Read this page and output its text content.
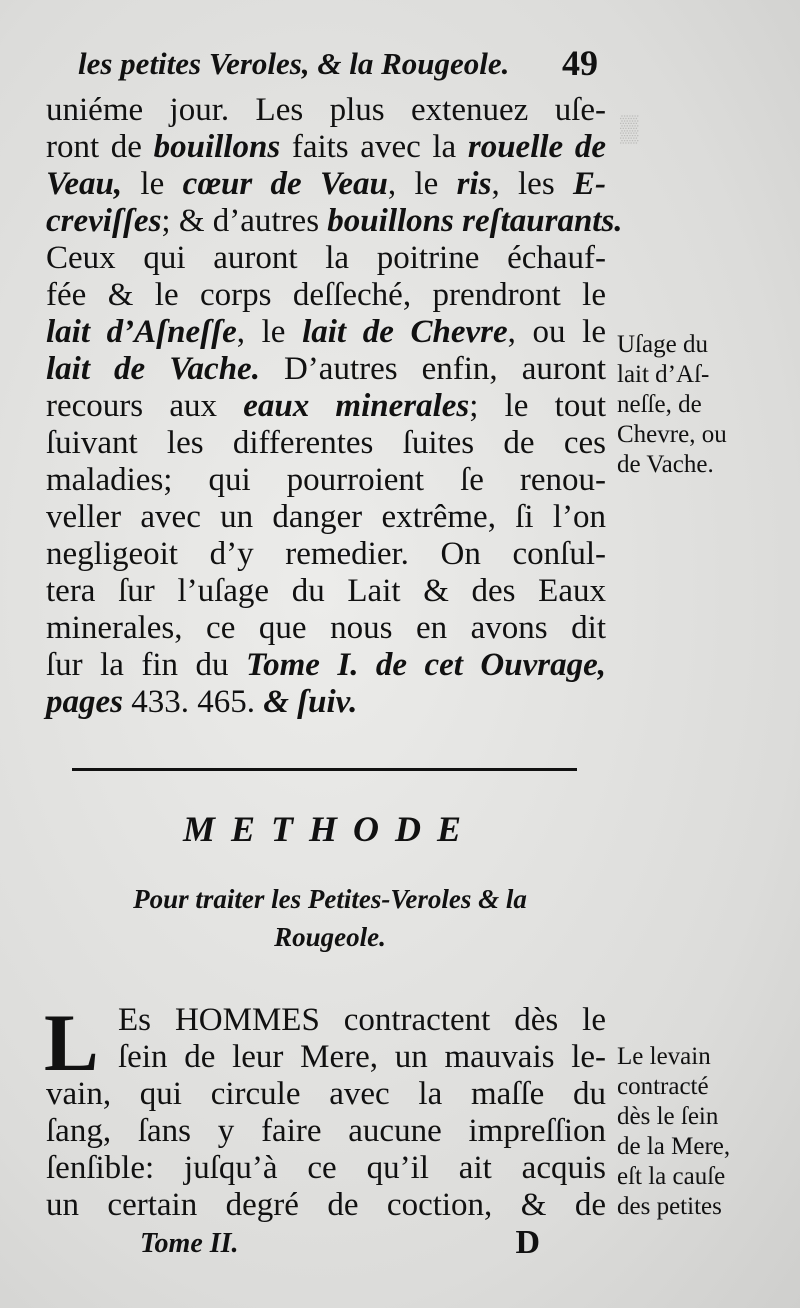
▒
les petites Veroles, & la Rougeole. 49
uniéme jour. Les plus extenuez uſe-
ront de bouillons faits avec la rouelle de
Veau, le cœur de Veau, le ris, les E-
creviſſes; & d’autres bouillons reſtaurants.
Ceux qui auront la poitrine échauf-
fée & le corps deſſeché, prendront le
lait d’Aſneſſe, le lait de Chevre, ou le
lait de Vache. D’autres enfin, auront
recours aux eaux minerales; le tout
ſuivant les differentes ſuites de ces
maladies; qui pourroient ſe renou-
veller avec un danger extrême, ſi l’on
negligeoit d’y remedier. On conſul-
tera ſur l’uſage du Lait & des Eaux
minerales, ce que nous en avons dit
ſur la fin du Tome I. de cet Ouvrage,
pages 433. 465. & ſuiv.
METHODE
Pour traiter les Petites-Veroles & la
Rougeole.
L Es HOMMES contractent dès le
ſein de leur Mere, un mauvais le-
vain, qui circule avec la maſſe du
ſang, ſans y faire aucune impreſſion
ſenſible: juſqu’à ce qu’il ait acquis
un certain degré de coction, & de
Uſage du
lait d’Aſ-
neſſe, de
Chevre, ou
de Vache.
Le levain
contracté
dès le ſein
de la Mere,
eſt la cauſe
des petites
Tome II.	D
